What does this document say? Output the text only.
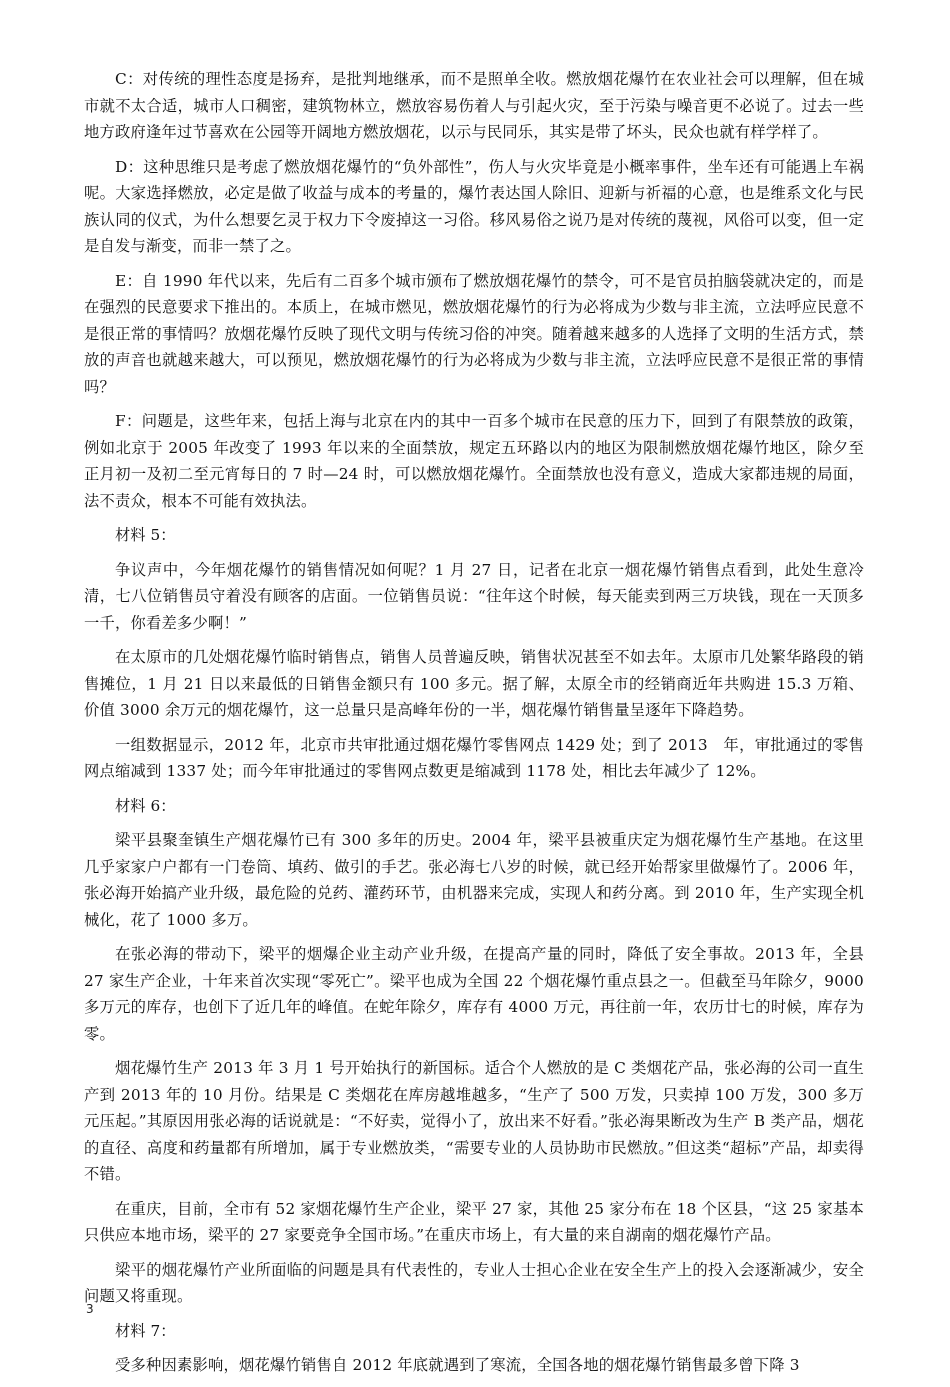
C：对传统的理性态度是扬弃，是批判地继承，而不是照单全收。燃放烟花爆竹在农业社会可以理解，但在城市就不太合适，城市人口稠密，建筑物林立，燃放容易伤着人与引起火灾，至于污染与噪音更不必说了。过去一些地方政府逢年过节喜欢在公园等开阔地方燃放烟花，以示与民同乐，其实是带了坏头，民众也就有样学样了。

D：这种思维只是考虑了燃放烟花爆竹的“负外部性”，伤人与火灾毕竟是小概率事件，坐车还有可能遇上车祸呢。大家选择燃放，必定是做了收益与成本的考量的，爆竹表达国人除旧、迎新与祈福的心意，也是维系文化与民族认同的仪式，为什么想要乞灵于权力下令废掉这一习俗。移风易俗之说乃是对传统的蔑视，风俗可以变，但一定是自发与渐变，而非一禁了之。

E：自 1990 年代以来，先后有二百多个城市颁布了燃放烟花爆竹的禁令，可不是官员拍脑袋就决定的，而是在强烈的民意要求下推出的。本质上，在城市燃见，燃放烟花爆竹的行为必将成为少数与非主流，立法呼应民意不是很正常的事情吗？放烟花爆竹反映了现代文明与传统习俗的冲突。随着越来越多的人选择了文明的生活方式，禁放的声音也就越来越大，可以预见，燃放烟花爆竹的行为必将成为少数与非主流，立法呼应民意不是很正常的事情吗？

F：问题是，这些年来，包括上海与北京在内的其中一百多个城市在民意的压力下，回到了有限禁放的政策，例如北京于 2005 年改变了 1993 年以来的全面禁放，规定五环路以内的地区为限制燃放烟花爆竹地区，除夕至正月初一及初二至元宵每日的 7 时—24 时，可以燃放烟花爆竹。全面禁放也没有意义，造成大家都违规的局面，法不责众，根本不可能有效执法。

材料 5：

争议声中，今年烟花爆竹的销售情况如何呢？1 月 27 日，记者在北京一烟花爆竹销售点看到，此处生意冷清，七八位销售员守着没有顾客的店面。一位销售员说：“往年这个时候，每天能卖到两三万块钱，现在一天顶多一千，你看差多少啊！”

在太原市的几处烟花爆竹临时销售点，销售人员普遍反映，销售状况甚至不如去年。太原市几处繁华路段的销售摊位，1 月 21 日以来最低的日销售金额只有 100 多元。据了解，太原全市的经销商近年共购进 15.3 万箱、价值 3000 余万元的烟花爆竹，这一总量只是高峰年份的一半，烟花爆竹销售量呈逐年下降趋势。

一组数据显示，2012 年，北京市共审批通过烟花爆竹零售网点 1429 处；到了 2013　年，审批通过的零售网点缩减到 1337 处；而今年审批通过的零售网点数更是缩减到 1178 处，相比去年减少了 12%。

材料 6：

梁平县聚奎镇生产烟花爆竹已有 300 多年的历史。2004 年，梁平县被重庆定为烟花爆竹生产基地。在这里几乎家家户户都有一门卷筒、填药、做引的手艺。张必海七八岁的时候，就已经开始帮家里做爆竹了。2006 年，张必海开始搞产业升级，最危险的兑药、灌药环节，由机器来完成，实现人和药分离。到 2010 年，生产实现全机械化，花了 1000 多万。

在张必海的带动下，梁平的烟爆企业主动产业升级，在提高产量的同时，降低了安全事故。2013 年，全县 27 家生产企业，十年来首次实现“零死亡”。梁平也成为全国 22 个烟花爆竹重点县之一。但截至马年除夕，9000 多万元的库存，也创下了近几年的峰值。在蛇年除夕，库存有 4000 万元，再往前一年，农历廿七的时候，库存为零。

烟花爆竹生产 2013 年 3 月 1 号开始执行的新国标。适合个人燃放的是 C 类烟花产品，张必海的公司一直生产到 2013 年的 10 月份。结果是 C 类烟花在库房越堆越多，“生产了 500 万发，只卖掉 100 万发，300 多万元压起。”其原因用张必海的话说就是：“不好卖，觉得小了，放出来不好看。”张必海果断改为生产 B 类产品，烟花的直径、高度和药量都有所增加，属于专业燃放类，“需要专业的人员协助市民燃放。”但这类“超标”产品，却卖得不错。

在重庆，目前，全市有 52 家烟花爆竹生产企业，梁平 27 家，其他 25 家分布在 18 个区县，“这 25 家基本只供应本地市场，梁平的 27 家要竞争全国市场。”在重庆市场上，有大量的来自湖南的烟花爆竹产品。

梁平的烟花爆竹产业所面临的问题是具有代表性的，专业人士担心企业在安全生产上的投入会逐渐减少，安全问题又将重现。

材料 7：

受多种因素影响，烟花爆竹销售自 2012 年底就遇到了寒流，全国各地的烟花爆竹销售最多曾下降 3

3
